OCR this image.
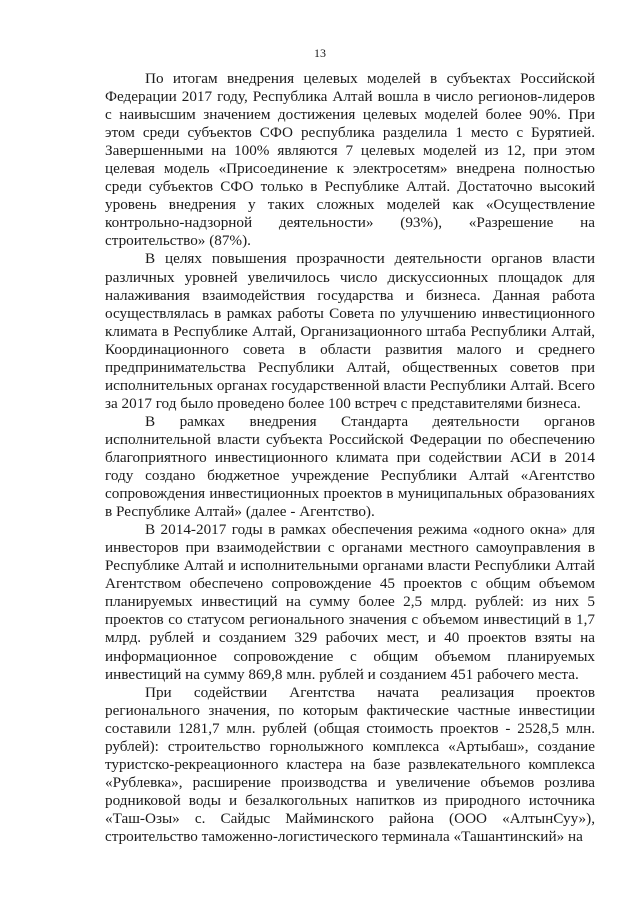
13

По итогам внедрения целевых моделей в субъектах Российской Федерации 2017 году, Республика Алтай вошла в число регионов-лидеров с наивысшим значением достижения целевых моделей более 90%. При этом среди субъектов СФО республика разделила 1 место с Бурятией. Завершенными на 100% являются 7 целевых моделей из 12, при этом целевая модель «Присоединение к электросетям» внедрена полностью среди субъектов СФО только в Республике Алтай. Достаточно высокий уровень внедрения у таких сложных моделей как «Осуществление контрольно-надзорной деятельности» (93%), «Разрешение на строительство» (87%).

В целях повышения прозрачности деятельности органов власти различных уровней увеличилось число дискуссионных площадок для налаживания взаимодействия государства и бизнеса. Данная работа осуществлялась в рамках работы Совета по улучшению инвестиционного климата в Республике Алтай, Организационного штаба Республики Алтай, Координационного совета в области развития малого и среднего предпринимательства Республики Алтай, общественных советов при исполнительных органах государственной власти Республики Алтай. Всего за 2017 год было проведено более 100 встреч с представителями бизнеса.

В рамках внедрения Стандарта деятельности органов исполнительной власти субъекта Российской Федерации по обеспечению благоприятного инвестиционного климата при содействии АСИ в 2014 году создано бюджетное учреждение Республики Алтай «Агентство сопровождения инвестиционных проектов в муниципальных образованиях в Республике Алтай» (далее - Агентство).

В 2014-2017 годы в рамках обеспечения режима «одного окна» для инвесторов при взаимодействии с органами местного самоуправления в Республике Алтай и исполнительными органами власти Республики Алтай Агентством обеспечено сопровождение 45 проектов с общим объемом планируемых инвестиций на сумму более 2,5 млрд. рублей: из них 5 проектов со статусом регионального значения с объемом инвестиций в 1,7 млрд. рублей и созданием 329 рабочих мест, и 40 проектов взяты на информационное сопровождение с общим объемом планируемых инвестиций на сумму 869,8 млн. рублей и созданием 451 рабочего места.

При содействии Агентства начата реализация проектов регионального значения, по которым фактические частные инвестиции составили 1281,7 млн. рублей (общая стоимость проектов - 2528,5 млн. рублей): строительство горнолыжного комплекса «Артыбаш», создание туристско-рекреационного кластера на базе развлекательного комплекса «Рублевка», расширение производства и увеличение объемов розлива родниковой воды и безалкогольных напитков из природного источника «Таш-Озы» с. Сайдыс Майминского района (ООО «АлтынСуу»), строительство таможенно-логистического терминала «Ташантинский» на
